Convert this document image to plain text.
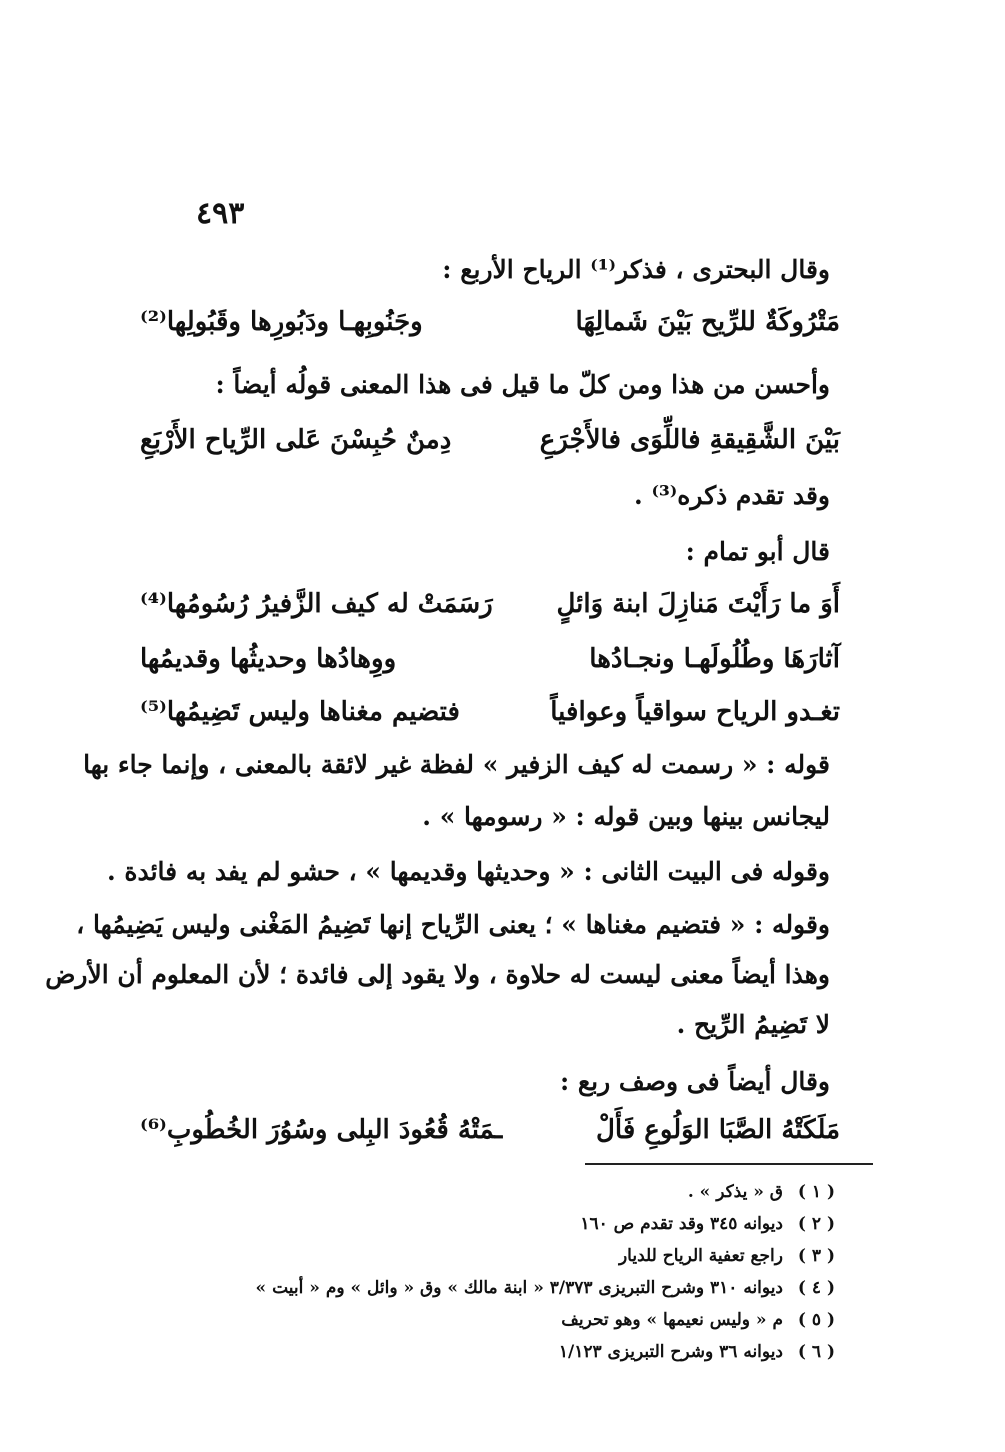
٤٩٣
وقال البحترى ، فذكر⁽¹⁾ الرياح الأربع :
مَتْرُوكَةٌ للرِّيح بَيْنَ شَمالِهَا
وجَنُوبِهـا ودَبُورِها وقَبُولِها⁽²⁾
وأحسن من هذا ومن كلّ ما قيل فى هذا المعنى قولُه أيضاً :
بَيْنَ الشَّقِيقةِ فاللِّوَى فالأَجْرَعِ
دِمنٌ حُبِسْنَ عَلى الرِّياح الأَرْبَعِ
وقد تقدم ذكره⁽³⁾ .
قال أبو تمام :
أَوَ ما رَأَيْتَ مَنازِلَ ابنة وَائلٍ
رَسَمَتْ له كيف الزَّفيرُ رُسُومُها⁽⁴⁾
آثارَهَا وطُلُولَهـا ونجـادُها
ووِهادُها وحديثُها وقديمُها
تغـدو الرياح سواقياً وعوافياً
فتضيم مغناها وليس تَضِيمُها⁽⁵⁾
قوله : « رسمت له كيف الزفير » لفظة غير لائقة بالمعنى ، وإنما جاء بها
ليجانس بينها وبين قوله : « رسومها » .
وقوله فى البيت الثانى : « وحديثها وقديمها » ، حشو لم يفد به فائدة .
وقوله : « فتضيم مغناها » ؛ يعنى الرِّياح إنها تَضِيمُ المَغْنى وليس يَضِيمُها ،
وهذا أيضاً معنى ليست له حلاوة ، ولا يقود إلى فائدة ؛ لأن المعلوم أن الأرض
لا تَضِيمُ الرِّيح .
وقال أيضاً فى وصف ربع :
مَلَكَتْهُ الصَّبَا الوَلُوعِ فَأَلْ
ـمَتْهُ قُعُودَ البِلى وسُوُرَ الخُطُوبِ⁽⁶⁾
( ١ )ق « يذكر » .
( ٢ )ديوانه ٣٤٥ وقد تقدم ص ١٦٠
( ٣ )راجع تعفية الرياح للديار
( ٤ )ديوانه ٣١٠ وشرح التبريزى ٣/٣٧٣ « ابنة مالك » وق « وائل » وم « أبيت »
( ٥ )م « وليس نعيمها » وهو تحريف
( ٦ )ديوانه ٣٦ وشرح التبريزى ١/١٢٣
